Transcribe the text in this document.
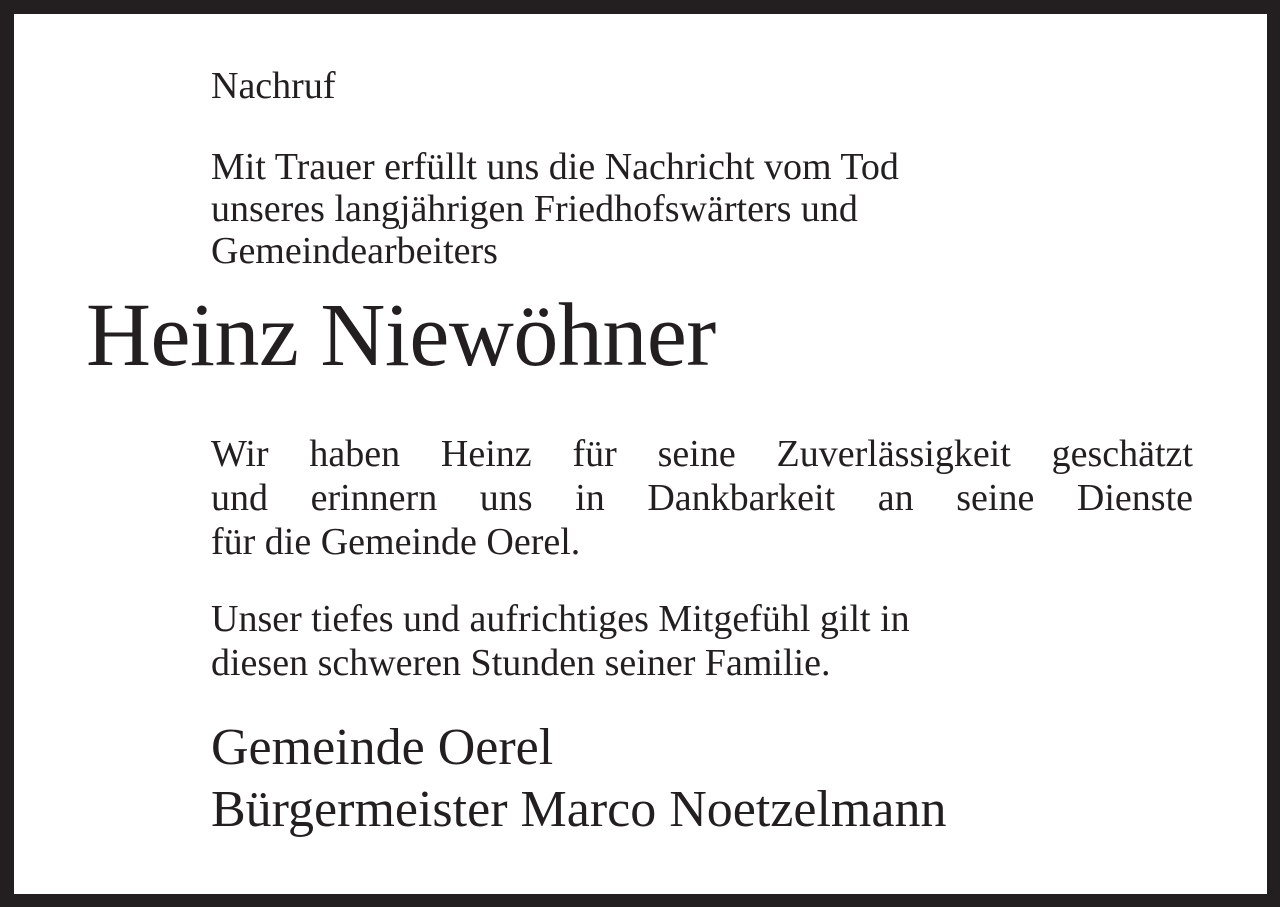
Nachruf
Mit Trauer erfüllt uns die Nachricht vom Tod
unseres langjährigen Friedhofswärters und
Gemeindearbeiters
Heinz Niewöhner
Wir haben Heinz für seine Zuverlässigkeit geschätzt
und erinnern uns in Dankbarkeit an seine Dienste
für die Gemeinde Oerel.
Unser tiefes und aufrichtiges Mitgefühl gilt in
diesen schweren Stunden seiner Familie.
Gemeinde Oerel
Bürgermeister Marco Noetzelmann
